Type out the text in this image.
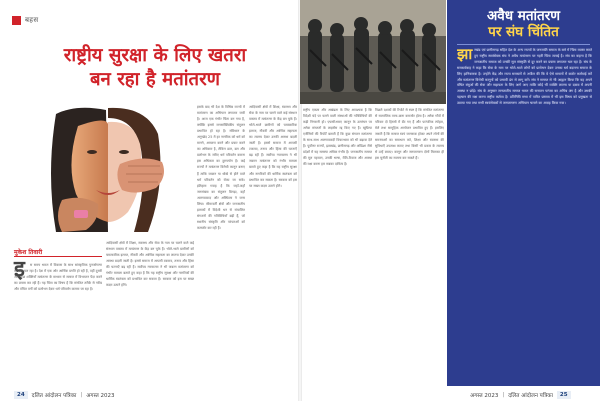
बहस
राष्ट्रीय सुरक्षा के लिए खतरा
बन रहा है मतांतरण

इसके बाद भी देश के विभिन्न राज्यों में मतांतरण का अभियान लगातार जारी है। आज एक गंभीर चिंता बन गया है, क्योंकि इससे जनसांख्यिकीय संतुलन प्रभावित हो रहा है। संविधान के अनुच्छेद 25 में हर नागरिक को धर्म को मानने, आचरण करने और प्रचार करने का अधिकार है, लेकिन छल, बल और प्रलोभन के जरिए धर्म परिवर्तन कराना इस अधिकार का दुरुपयोग है। कई राज्यों ने मतांतरण विरोधी कानून बनाए हैं ताकि जबरन या धोखे से होने वाले धर्म परिवर्तन को रोका जा सके। इतिहास गवाह है कि जहाँ-जहाँ जनसंख्या का संतुलन बिगड़ा, वहाँ अलगाववाद और अस्थिरता ने जन्म लिया। सीमावर्ती क्षेत्रों और जनजातीय इलाकों में विदेशी धन से संचालित संगठनों की गतिविधियाँ बढ़ी हैं, जो स्थानीय संस्कृति और परंपराओं को कमजोर कर रही हैं।

आदिवासी क्षेत्रों में शिक्षा, स्वास्थ्य और सेवा के नाम पर चलने वाले कई संस्थान वास्तव में मतांतरण के केंद्र बन चुके हैं। भोले-भाले ग्रामीणों को चमत्कारिक इलाज, नौकरी और आर्थिक सहायता का लालच देकर उनकी आस्था बदली जाती है। इससे समाज में आपसी टकराव, तनाव और हिंसा की घटनाएँ बढ़ रही हैं। सर्वोच्च न्यायालय ने भी जबरन मतांतरण को गंभीर मामला बताते हुए कहा है कि यह राष्ट्रीय सुरक्षा और नागरिकों की धार्मिक स्वतंत्रता को प्रभावित कर सकता है। सरकार को इस पर सख्त कदम उठाने होंगे।

आदिवासी क्षेत्रों में शिक्षा, स्वास्थ्य और सेवा के नाम पर चलने वाले कई संस्थान वास्तव में मतांतरण के केंद्र बन चुके हैं। भोले-भाले ग्रामीणों को चमत्कारिक इलाज, नौकरी और आर्थिक सहायता का लालच देकर उनकी आस्था बदली जाती है। इससे समाज में आपसी टकराव, तनाव और हिंसा की घटनाएँ बढ़ रही हैं। सर्वोच्च न्यायालय ने भी जबरन मतांतरण को गंभीर मामला बताते हुए कहा है कि यह राष्ट्रीय सुरक्षा और नागरिकों की धार्मिक स्वतंत्रता को प्रभावित कर सकता है। सरकार को इस पर सख्त कदम उठाने होंगे।

मुकेश तिवारी
इ	स समय भारत में विकास के साथ सांस्कृतिक पुनर्जागरण का दौर चल रहा है। देश में एक ओर आर्थिक प्रगति हो रही है, वहीं दूसरी ओर कुछ शक्तियाँ मतांतरण के माध्यम से समाज में विभाजन पैदा करने का प्रयास कर रही हैं। यह चिंता का विषय है कि संगठित तरीके से गरीब और वंचित वर्गों को प्रलोभन देकर धर्म परिवर्तन कराया जा रहा है।

24	दलित आंदोलन पत्रिका | अगस्त 2023

राष्ट्रीय एकता और अखंडता के लिए आवश्यक है कि विदेशी चंदे पर चलने वाली संस्थाओं की गतिविधियों की कड़ी निगरानी हो। एफसीआरए कानून के उल्लंघन पर अनेक संगठनों के लाइसेंस रद्द किए गए हैं। खुफिया एजेंसियों की रिपोर्टें बताती हैं कि कुछ संगठन मतांतरण के साथ-साथ अलगाववादी विचारधारा को भी बढ़ावा देते हैं। पूर्वोत्तर राज्यों, झारखंड, छत्तीसगढ़ और ओडिशा जैसे प्रदेशों में यह समस्या अधिक गंभीर है। जनजातीय समाज की मूल पहचान, उनकी भाषा, रीति-रिवाज और आस्था की रक्षा करना हम सबका दायित्व है।

पिछले दशकों की रिपोर्ट से स्पष्ट है कि संगठित मतांतरण से सामाजिक ताना-बाना कमजोर होता है। अनेक गाँवों में परिवार दो हिस्सों में बँट गए हैं और पारंपरिक त्योहार, मेले तथा सामूहिक आयोजन प्रभावित हुए हैं। इसलिए जरूरी है कि समाज स्वयं जागरूक होकर अपने लोगों की समस्याओं का समाधान करे, शिक्षा और स्वास्थ्य की सुविधाएँ उपलब्ध कराए तथा किसी भी प्रकार के लालच से उन्हें बचाए। कानून और जनजागरण दोनों मिलकर ही इस चुनौती का सामना कर सकते हैं।

अवैध मतांतरण
पर संघ चिंतित
झा रखंड एवं छत्तीसगढ़ सहित देश के अन्य राज्यों के जनजाति समाज के बारे में चिंता व्यक्त करते हुए राष्ट्रीय स्वयंसेवक संघ ने अवैध मतांतरण पर गहरी चिंता जताई है। संघ का कहना है कि जनजातीय समाज को उनकी मूल संस्कृति से दूर करने का प्रयास लगातार चल रहा है। संघ के सरकार्यवाह ने कहा कि सेवा के नाम पर भोले-भाले लोगों को प्रलोभन देकर उनका धर्म बदलना समाज के लिए हानिकारक है। उन्होंने केंद्र और राज्य सरकारों से अपील की कि वे ऐसे मामलों में कठोर कार्रवाई करें और मतांतरण विरोधी कानूनों को प्रभावी ढंग से लागू करें। संघ ने समाज से भी आह्वान किया कि वह अपने वंचित बंधुओं की सेवा और सहायता के लिए आगे आए ताकि कोई भी व्यक्ति लालच या दबाव में अपनी आस्था न छोड़े। संघ के अनुसार जनजातीय समाज भारत की सनातन परंपरा का अभिन्न अंग है और उसकी पहचान की रक्षा करना राष्ट्रीय कर्तव्य है। प्रतिनिधि सभा में पारित प्रस्ताव में भी इस विषय को प्रमुखता से उठाया गया तथा सभी स्वयंसेवकों से जनजागरण अभियान चलाने का आग्रह किया गया।
अगस्त 2023 | दलित आंदोलन पत्रिका	25
